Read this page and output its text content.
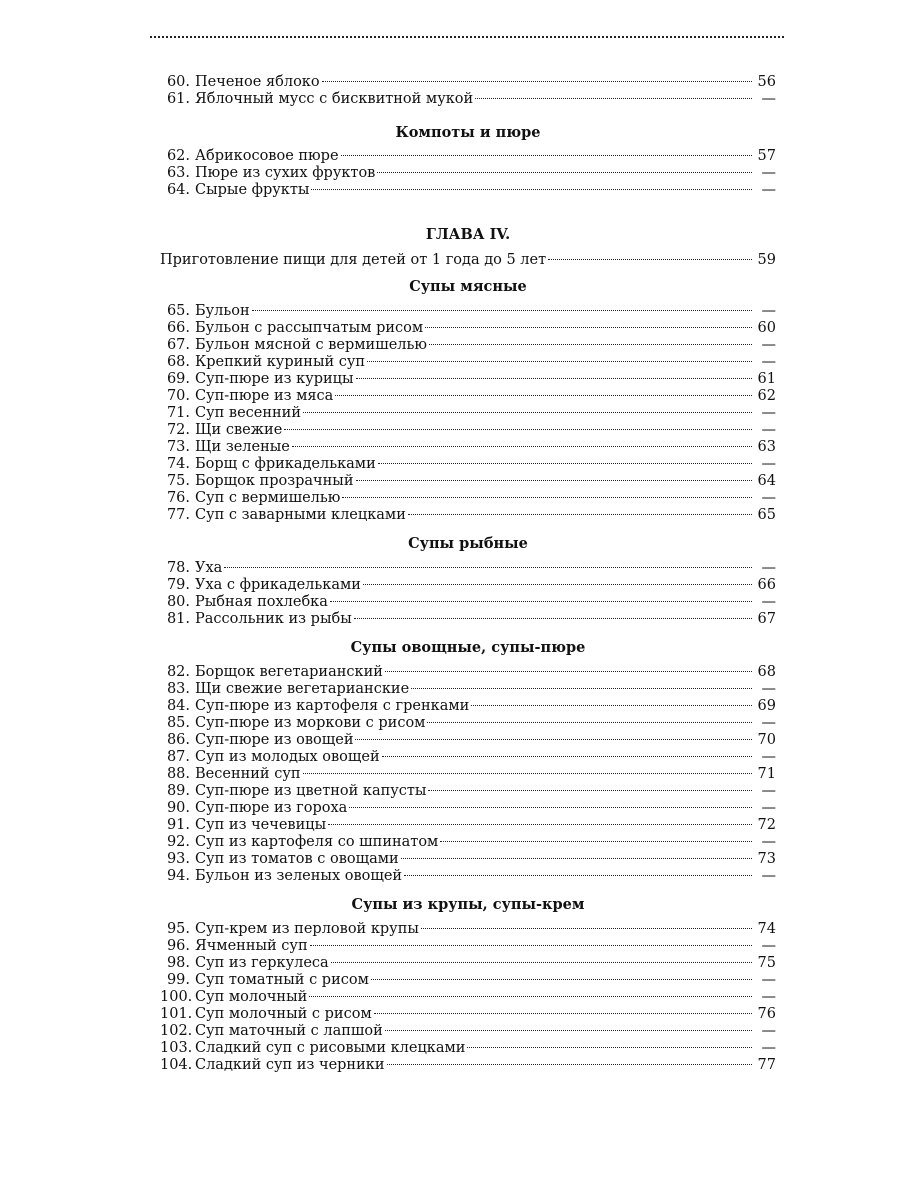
60. Печеное яблоко	56
61. Яблочный мусс с бисквитной мукой	—
Компоты и пюре
62. Абрикосовое пюре	57
63. Пюре из сухих фруктов	—
64. Сырые фрукты	—
ГЛАВА IV.
Приготовление пищи для детей от 1 года до 5 лет	59
Супы мясные
65. Бульон	—
66. Бульон с рассыпчатым рисом	60
67. Бульон мясной с вермишелью	—
68. Крепкий куриный суп	—
69. Суп-пюре из курицы	61
70. Суп-пюре из мяса	62
71. Суп весенний	—
72. Щи свежие	—
73. Щи зеленые	63
74. Борщ с фрикадельками	—
75. Борщок прозрачный	64
76. Суп с вермишелью	—
77. Суп с заварными клецками	65
Супы рыбные
78. Уха	—
79. Уха с фрикадельками	66
80. Рыбная похлебка	—
81. Рассольник из рыбы	67
Супы овощные, супы-пюре
82. Борщок вегетарианский	68
83. Щи свежие вегетарианские	—
84. Суп-пюре из картофеля с гренками	69
85. Суп-пюре из моркови с рисом	—
86. Суп-пюре из овощей	70
87. Суп из молодых овощей	—
88. Весенний суп	71
89. Суп-пюре из цветной капусты	—
90. Суп-пюре из гороха	—
91. Суп из чечевицы	72
92. Суп из картофеля со шпинатом	—
93. Суп из томатов с овощами	73
94. Бульон из зеленых овощей	—
Супы из крупы, супы-крем
95. Суп-крем из перловой крупы	74
96. Ячменный суп	—
98. Суп из геркулеса	75
99. Суп томатный с рисом	—
100. Суп молочный	—
101. Суп молочный с рисом	76
102. Суп маточный с лапшой	—
103. Сладкий суп с рисовыми клецками	—
104. Сладкий суп из черники	77
